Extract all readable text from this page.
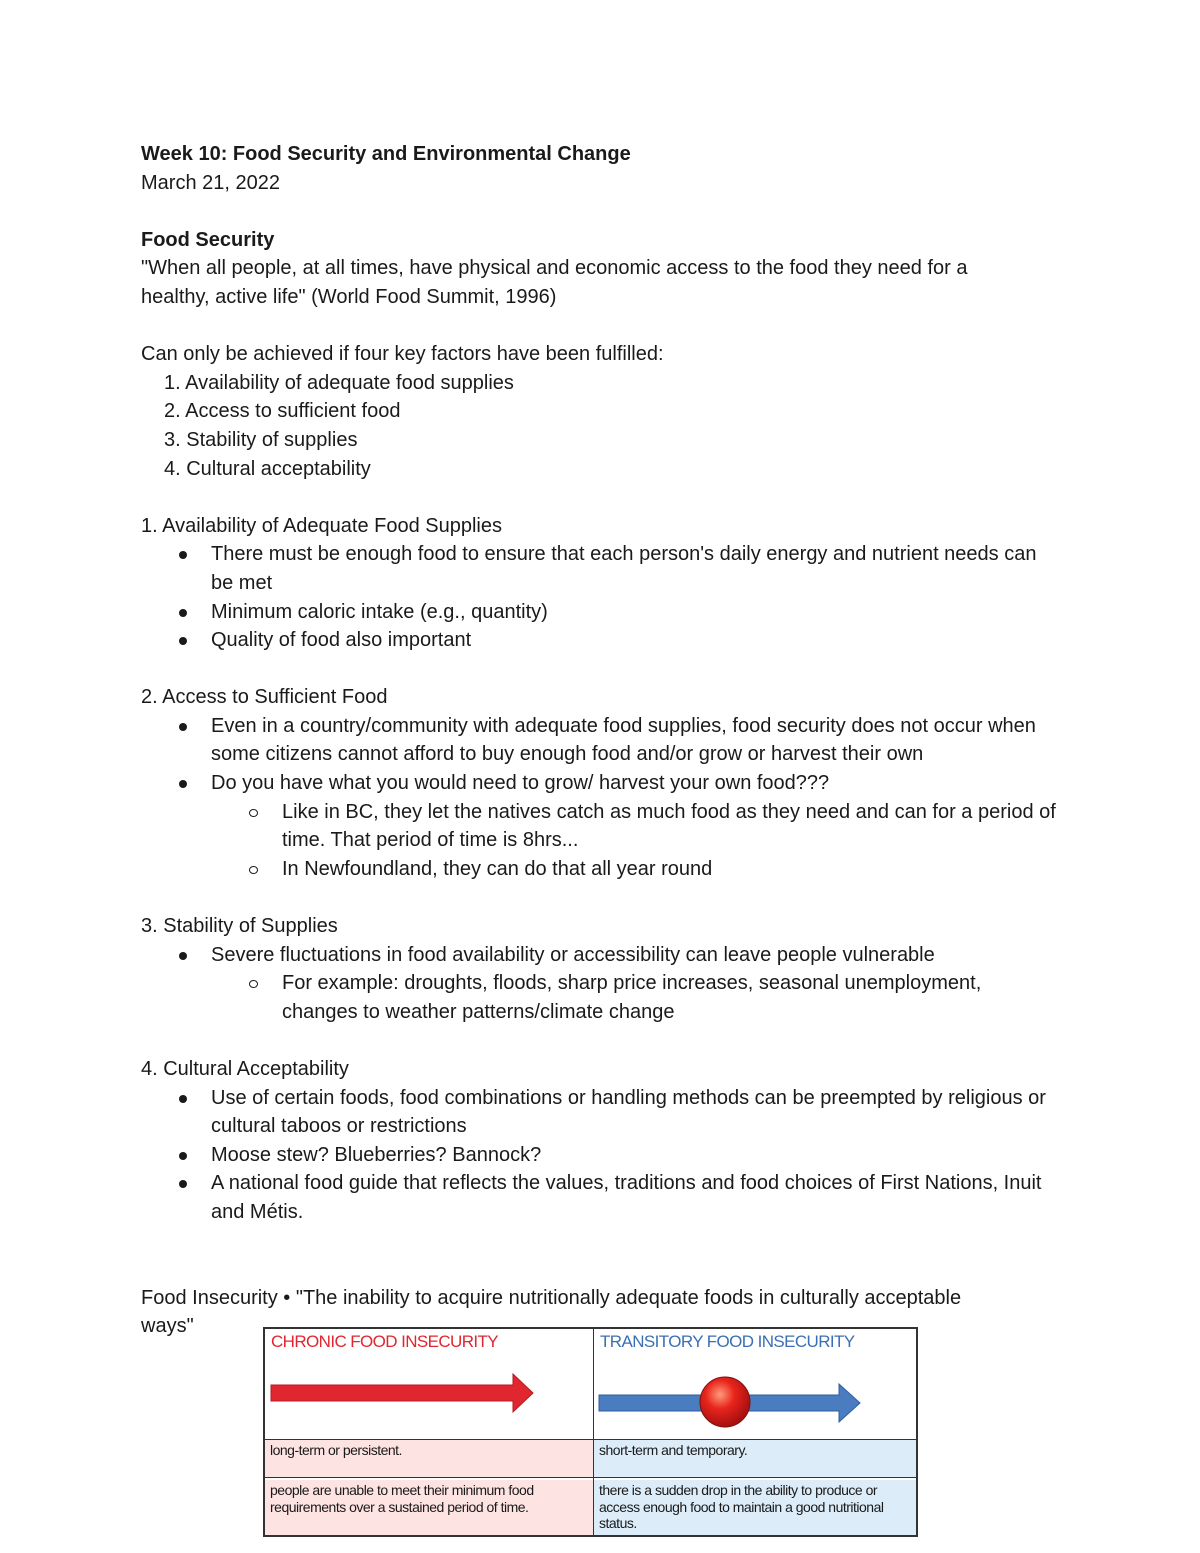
Week 10: Food Security and Environmental Change
March 21, 2022
Food Security
"When all people, at all times, have physical and economic access to the food they need for a
healthy, active life" (World Food Summit, 1996)
Can only be achieved if four key factors have been fulfilled:
1. Availability of adequate food supplies
2. Access to sufficient food
3. Stability of supplies
4. Cultural acceptability
1. Availability of Adequate Food Supplies
There must be enough food to ensure that each person's daily energy and nutrient needs can be met
Minimum caloric intake (e.g., quantity)
Quality of food also important
2. Access to Sufficient Food
Even in a country/community with adequate food supplies, food security does not occur when some citizens cannot afford to buy enough food and/or grow or harvest their own
Do you have what you would need to grow/ harvest your own food???
Like in BC, they let the natives catch as much food as they need and can for a period of time. That period of time is 8hrs...
In Newfoundland, they can do that all year round
3. Stability of Supplies
Severe fluctuations in food availability or accessibility can leave people vulnerable
For example: droughts, floods, sharp price increases, seasonal unemployment, changes to weather patterns/climate change
4. Cultural Acceptability
Use of certain foods, food combinations or handling methods can be preempted by religious or cultural taboos or restrictions
Moose stew? Blueberries? Bannock?
A national food guide that reflects the values, traditions and food choices of First Nations, Inuit and Métis.
Food Insecurity • "The inability to acquire nutritionally adequate foods in culturally acceptable
ways"
CHRONIC FOOD INSECURITY
long-term or persistent.
people are unable to meet their minimum food requirements over a sustained period of time.
TRANSITORY FOOD INSECURITY
short-term and temporary.
there is a sudden drop in the ability to produce or access enough food to maintain a good nutritional status.
